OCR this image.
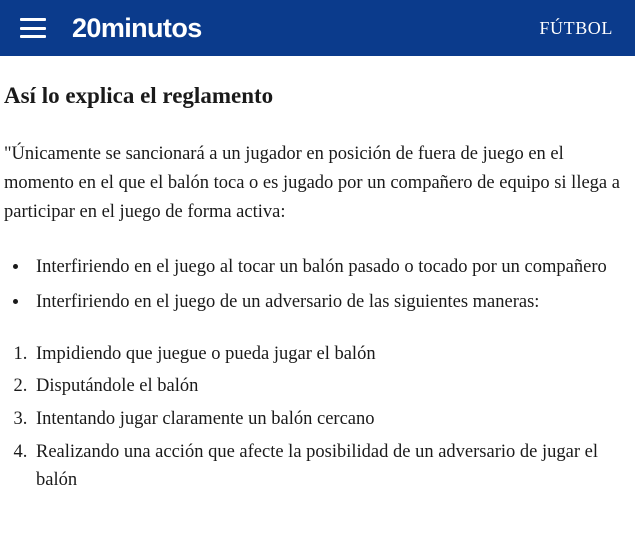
20minutos	FÚTBOL
Así lo explica el reglamento

"Únicamente se sancionará a un jugador en posición de fuera de juego en el momento en el que el balón toca o es jugado por un compañero de equipo si llega a participar en el juego de forma activa:

• Interfiriendo en el juego al tocar un balón pasado o tocado por un compañero
• Interfiriendo en el juego de un adversario de las siguientes maneras:
1. Impidiendo que juegue o pueda jugar el balón
2. Disputándole el balón
3. Intentando jugar claramente un balón cercano
4. Realizando una acción que afecte la posibilidad de un adversario de jugar el balón
